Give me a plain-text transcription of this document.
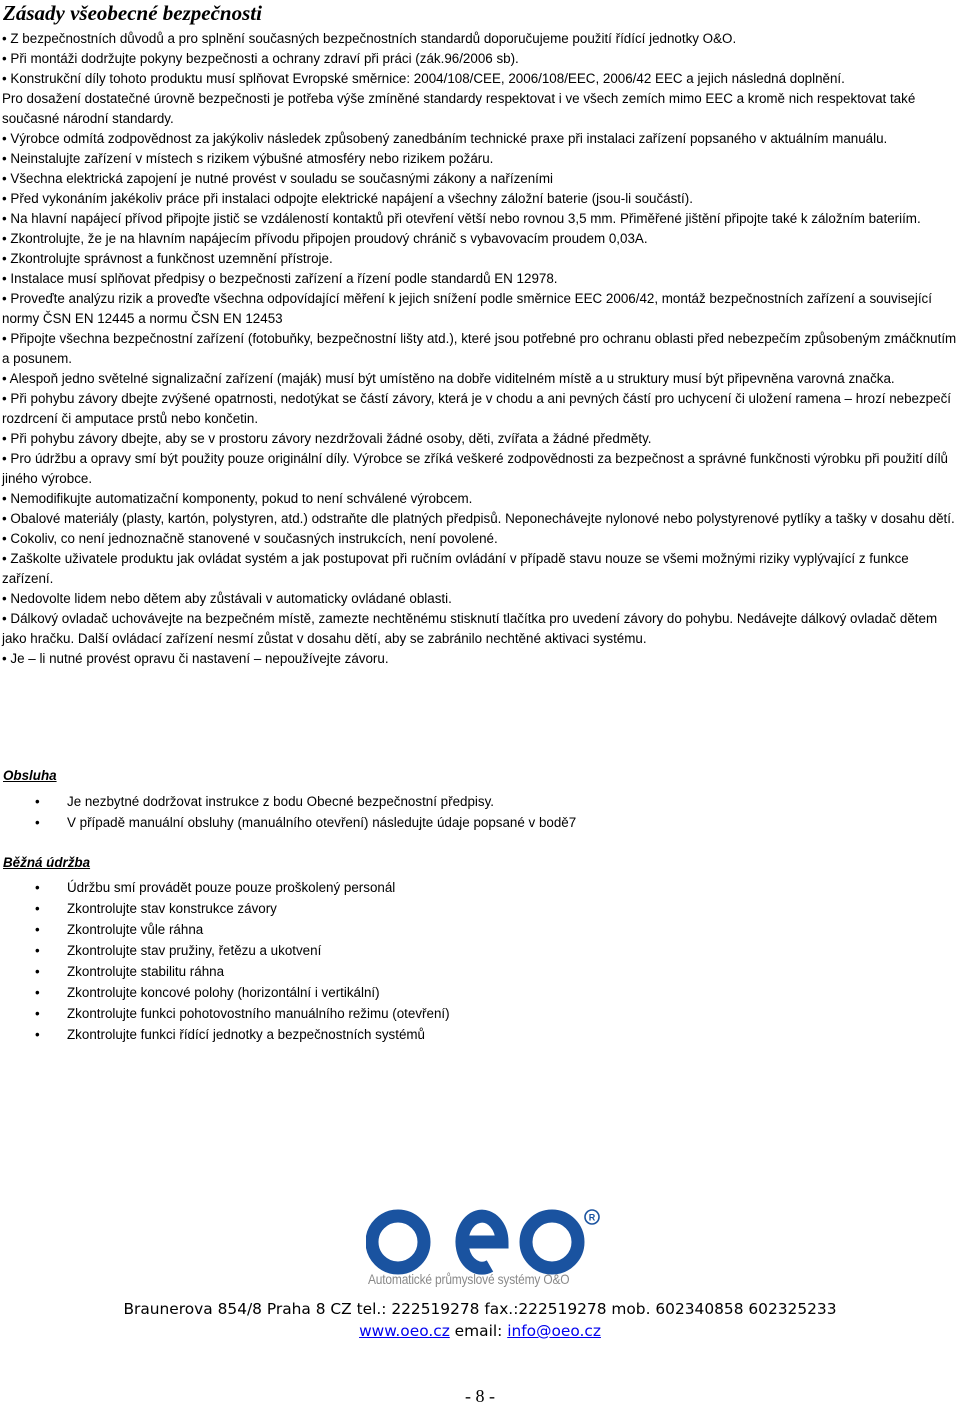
Zásady všeobecné bezpečnosti

• Z bezpečnostních důvodů a pro splnění současných bezpečnostních standardů doporučujeme použití řídící jednotky O&O.

• Při montáži dodržujte pokyny bezpečnosti a ochrany zdraví při práci (zák.96/2006 sb).

• Konstrukční díly tohoto produktu musí splňovat Evropské směrnice: 2004/108/CEE, 2006/108/EEC, 2006/42 EEC a jejich následná doplnění.

Pro dosažení dostatečné úrovně bezpečnosti je potřeba výše zmíněné standardy respektovat i ve všech zemích mimo EEC a kromě nich respektovat také současné národní standardy.

• Výrobce odmítá zodpovědnost za jakýkoliv následek způsobený zanedbáním technické praxe při instalaci zařízení popsaného v aktuálním manuálu.

• Neinstalujte zařízení v místech s rizikem výbušné atmosféry nebo rizikem požáru.

• Všechna elektrická zapojení je nutné provést v souladu se současnými zákony a nařízeními

• Před vykonáním jakékoliv práce při instalaci odpojte elektrické napájení a všechny záložní baterie (jsou-li součástí).

• Na hlavní napájecí přívod připojte jistič se vzdáleností kontaktů při otevření větší nebo rovnou 3,5 mm. Přiměřené jištění připojte také k záložním bateriím.

• Zkontrolujte, že je na hlavním napájecím přívodu připojen proudový chránič s vybavovacím proudem 0,03A.

• Zkontrolujte správnost a funkčnost uzemnění přístroje.

• Instalace musí splňovat předpisy o bezpečnosti zařízení a řízení podle standardů EN 12978.

• Proveďte analýzu rizik a proveďte všechna odpovídající měření k jejich snížení podle směrnice EEC 2006/42, montáž bezpečnostních zařízení a související normy ČSN EN 12445 a normu ČSN EN 12453

• Připojte všechna bezpečnostní zařízení (fotobuňky, bezpečnostní lišty atd.), které jsou potřebné pro ochranu oblasti před nebezpečím způsobeným zmáčknutím a posunem.

• Alespoň jedno světelné signalizační zařízení (maják) musí být umístěno na dobře viditelném místě a u struktury musí být připevněna varovná značka.

• Při pohybu závory dbejte zvýšené opatrnosti, nedotýkat se částí závory, která je v chodu a ani pevných částí pro uchycení či uložení ramena – hrozí nebezpečí rozdrcení či amputace prstů nebo končetin.

• Při pohybu závory dbejte, aby se v prostoru závory nezdržovali žádné osoby, děti, zvířata a žádné předměty.

• Pro údržbu a opravy smí být použity pouze originální díly. Výrobce se zříká veškeré zodpovědnosti za bezpečnost a správné funkčnosti výrobku při použití dílů jiného výrobce.

• Nemodifikujte automatizační komponenty, pokud to není schválené výrobcem.

• Obalové materiály (plasty, kartón, polystyren, atd.) odstraňte dle platných předpisů. Neponechávejte nylonové nebo polystyrenové pytlíky a tašky v dosahu dětí.

• Cokoliv, co není jednoznačně stanovené v současných instrukcích, není povolené.

• Zaškolte uživatele produktu jak ovládat systém a jak postupovat při ručním ovládání v případě stavu nouze se všemi možnými riziky vyplývající z funkce zařízení.

• Nedovolte lidem nebo dětem aby zůstávali v automaticky ovládané oblasti.

• Dálkový ovladač uchovávejte na bezpečném místě, zamezte nechtěnému stisknutí tlačítka pro uvedení závory do pohybu. Nedávejte dálkový ovladač dětem jako hračku. Další ovládací zařízení nesmí zůstat v dosahu dětí, aby se zabránilo nechtěné aktivaci systému.

• Je – li nutné provést opravu či nastavení – nepoužívejte závoru.

Obsluha
• Je nezbytné dodržovat instrukce z bodu Obecné bezpečnostní předpisy.
• V případě manuální obsluhy (manuálního otevření) následujte údaje popsané v bodě7
Běžná údržba
• Údržbu smí provádět pouze pouze proškolený personál
• Zkontrolujte stav konstrukce závory
• Zkontrolujte vůle ráhna
• Zkontrolujte stav pružiny, řetězu a ukotvení
• Zkontrolujte stabilitu ráhna
• Zkontrolujte koncové polohy (horizontální i vertikální)
• Zkontrolujte funkci pohotovostního manuálního režimu (otevření)
• Zkontrolujte funkci řídící jednotky a bezpečnostních systémů
R
Automatické průmyslové systémy O&O
Braunerova 854/8 Praha 8 CZ tel.: 222519278 fax.:222519278 mob. 602340858 602325233
www.oeo.cz email: info@oeo.cz
- 8 -
